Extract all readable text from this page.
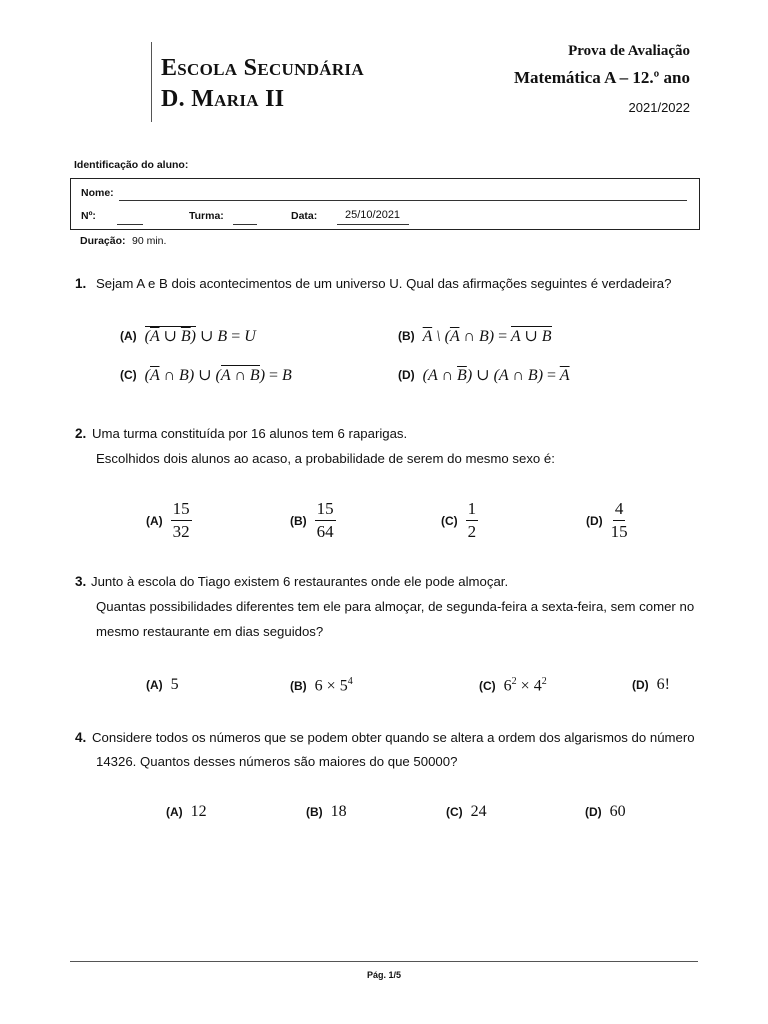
Escola Secundária
D. Maria II
Prova de Avaliação
Matemática A – 12.º ano
2021/2022
Identificação do aluno:
Nome:
Nº:	Turma:	Data:	25/10/2021
Duração: 90 min.
1. Sejam A e B dois acontecimentos de um universo U. Qual das afirmações seguintes é verdadeira?
(A) ($\overline{A}$ ∪ $\overline{B}$) ∪ B = U	(B) $\overline{A}$ \ ($\overline{A}$ ∩ B) = A ∪ B
(C) ($\overline{A}$ ∩ B) ∪ (A ∩ B) = B	(D) (A ∩ $\overline{B}$) ∪ (A ∩ $B) = \overline{A}$
2. Uma turma constituída por 16 alunos tem 6 raparigas.
Escolhidos dois alunos ao acaso, a probabilidade de serem do mesmo sexo é:
$(A) \frac{15}{32}$	$(B) \frac{15}{64}$	$(C) \frac{1}{2}$	$(D) \frac{4}{15}$
3. Junto à escola do Tiago existem 6 restaurantes onde ele pode almoçar.
Quantas possibilidades diferentes tem ele para almoçar, de segunda-feira a sexta-feira, sem comer no
mesmo restaurante em dias seguidos?
(A) 5	(B) $6 \times 5^4$	(C) $6^2 \times 4^2$	(D) 6!
4. Considere todos os números que se podem obter quando se altera a ordem dos algarismos do número
14326. Quantos desses números são maiores do que 50000?
(A) 12	(B) 18	(C) 24	(D) 60
Pág. 1/5
